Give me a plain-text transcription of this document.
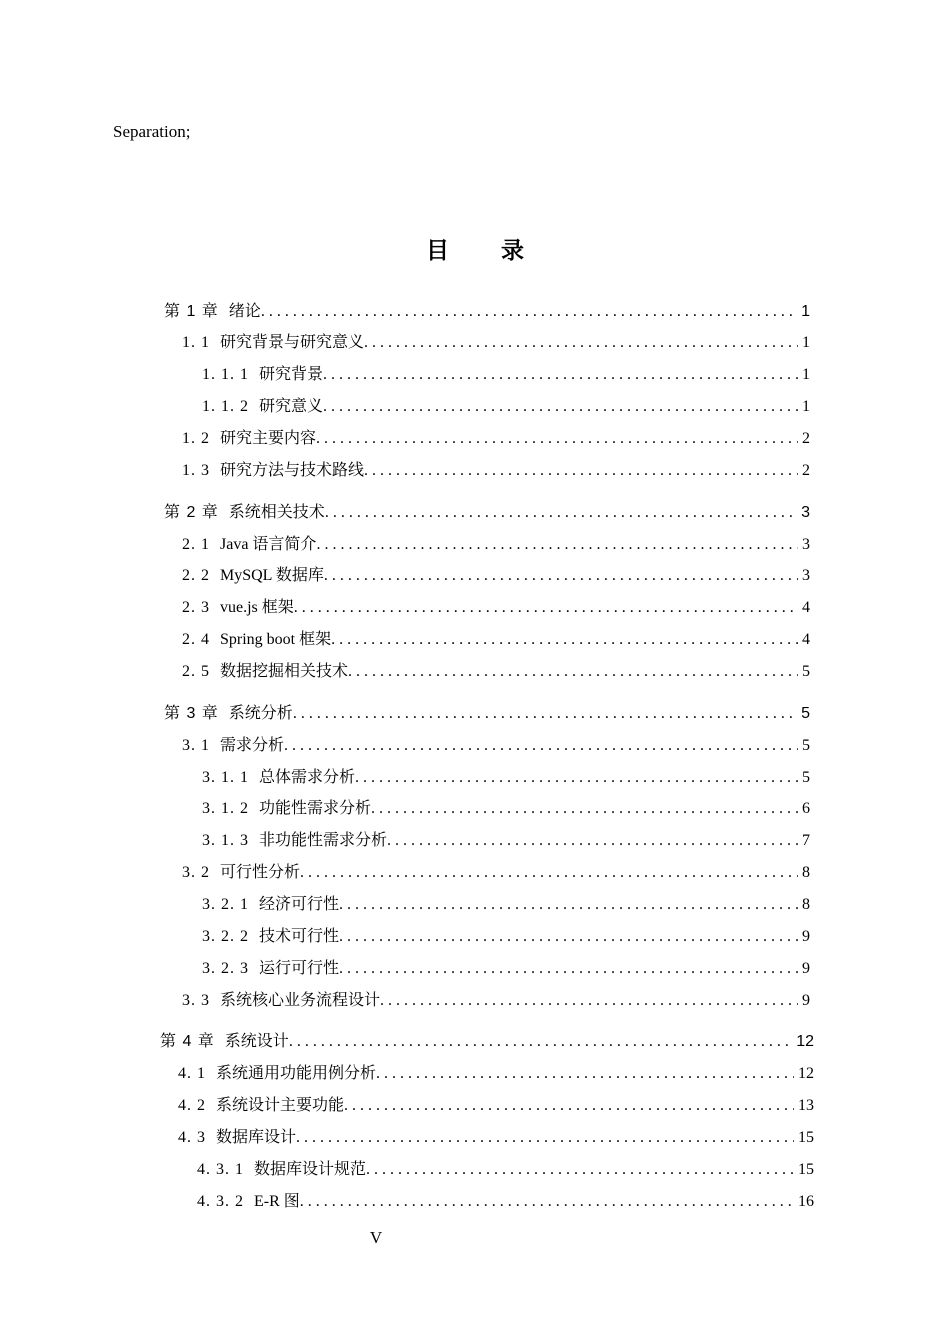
Separation;
目 录
第 1 章 绪论 . . .	1
1. 1 研究背景与研究意义 . . .	1
1. 1. 1 研究背景 . . .	1
1. 1. 2 研究意义 . . .	1
1. 2 研究主要内容 . . .	2
1. 3 研究方法与技术路线 . . .	2
第 2 章 系统相关技术 . . .	3
2. 1 Java 语言简介 . . .	3
2. 2 MySQL 数据库 . . .	3
2. 3 vue.js 框架 . . .	4
2. 4 Spring boot 框架 . . .	4
2. 5 数据挖掘相关技术 . . .	5
第 3 章 系统分析 . . .	5
3. 1 需求分析 . . .	5
3. 1. 1 总体需求分析 . . .	5
3. 1. 2 功能性需求分析 . . .	6
3. 1. 3 非功能性需求分析 . . .	7
3. 2 可行性分析 . . .	8
3. 2. 1 经济可行性 . . .	8
3. 2. 2 技术可行性 . . .	9
3. 2. 3 运行可行性 . . .	9
3. 3 系统核心业务流程设计 . . .	9
第 4 章 系统设计 . . .	12
4. 1 系统通用功能用例分析 . . .	12
4. 2 系统设计主要功能 . . .	13
4. 3 数据库设计 . . .	15
4. 3. 1 数据库设计规范 . . .	15
4. 3. 2 E-R 图 . . .	16
V
